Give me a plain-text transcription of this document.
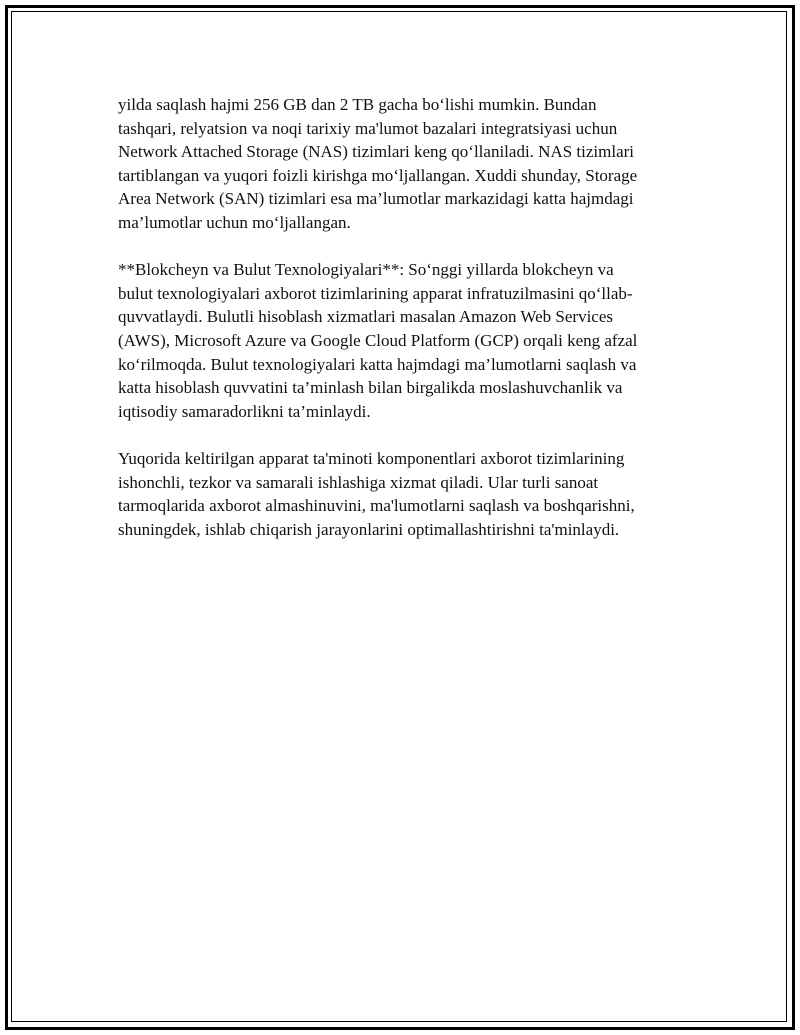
yilda saqlash hajmi 256 GB dan 2 TB gacha bo‘lishi mumkin. Bundan
tashqari, relyatsion va noqi tarixiy ma'lumot bazalari integratsiyasi uchun
Network Attached Storage (NAS) tizimlari keng qo‘llaniladi. NAS tizimlari
tartiblangan va yuqori foizli kirishga mo‘ljallangan. Xuddi shunday, Storage
Area Network (SAN) tizimlari esa ma’lumotlar markazidagi katta hajmdagi
ma’lumotlar uchun mo‘ljallangan.

**Blokcheyn va Bulut Texnologiyalari**: So‘nggi yillarda blokcheyn va
bulut texnologiyalari axborot tizimlarining apparat infratuzilmasini qo‘llab-
quvvatlaydi. Bulutli hisoblash xizmatlari masalan Amazon Web Services
(AWS), Microsoft Azure va Google Cloud Platform (GCP) orqali keng afzal
ko‘rilmoqda. Bulut texnologiyalari katta hajmdagi ma’lumotlarni saqlash va
katta hisoblash quvvatini ta’minlash bilan birgalikda moslashuvchanlik va
iqtisodiy samaradorlikni ta’minlaydi.

Yuqorida keltirilgan apparat ta'minoti komponentlari axborot tizimlarining
ishonchli, tezkor va samarali ishlashiga xizmat qiladi. Ular turli sanoat
tarmoqlarida axborot almashinuvini, ma'lumotlarni saqlash va boshqarishni,
shuningdek, ishlab chiqarish jarayonlarini optimallashtirishni ta'minlaydi.
